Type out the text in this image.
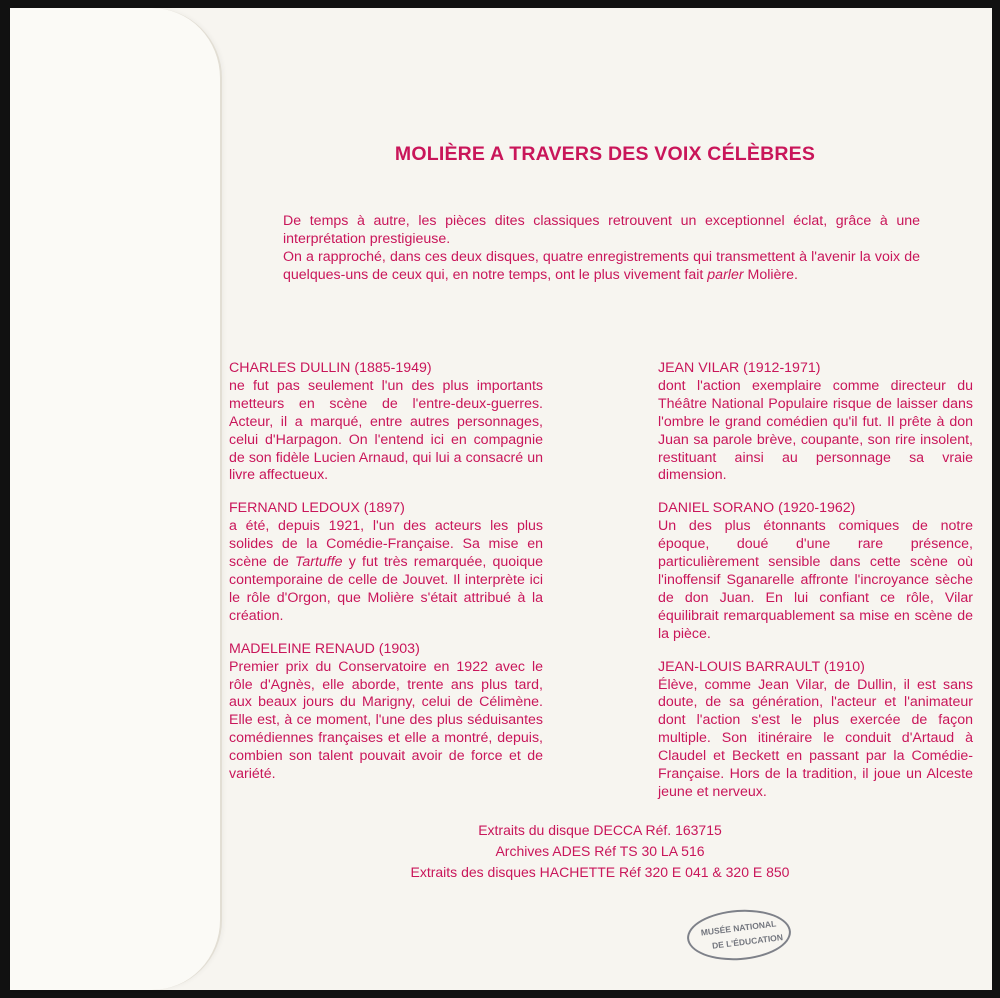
MOLIÈRE A TRAVERS DES VOIX CÉLÈBRES

De temps à autre, les pièces dites classiques retrouvent un exceptionnel éclat, grâce à une interprétation prestigieuse.

On a rapproché, dans ces deux disques, quatre enregistrements qui transmettent à l'avenir la voix de quelques-uns de ceux qui, en notre temps, ont le plus vivement fait parler Molière.

CHARLES DULLIN (1885-1949)
ne fut pas seulement l'un des plus importants metteurs en scène de l'entre-deux-guerres. Acteur, il a marqué, entre autres personnages, celui d'Harpagon. On l'entend ici en compagnie de son fidèle Lucien Arnaud, qui lui a consacré un livre affectueux.
FERNAND LEDOUX (1897)
a été, depuis 1921, l'un des acteurs les plus solides de la Comédie-Française. Sa mise en scène de Tartuffe y fut très remarquée, quoique contemporaine de celle de Jouvet. Il interprète ici le rôle d'Orgon, que Molière s'était attribué à la création.
MADELEINE RENAUD (1903)
Premier prix du Conservatoire en 1922 avec le rôle d'Agnès, elle aborde, trente ans plus tard, aux beaux jours du Marigny, celui de Célimène. Elle est, à ce moment, l'une des plus séduisantes comédiennes françaises et elle a montré, depuis, combien son talent pouvait avoir de force et de variété.
JEAN VILAR (1912-1971)
dont l'action exemplaire comme directeur du Théâtre National Populaire risque de laisser dans l'ombre le grand comédien qu'il fut. Il prête à don Juan sa parole brève, coupante, son rire insolent, restituant ainsi au personnage sa vraie dimension.
DANIEL SORANO (1920-1962)
Un des plus étonnants comiques de notre époque, doué d'une rare présence, particulièrement sensible dans cette scène où l'inoffensif Sganarelle affronte l'incroyance sèche de don Juan. En lui confiant ce rôle, Vilar équilibrait remarquablement sa mise en scène de la pièce.
JEAN-LOUIS BARRAULT (1910)
Élève, comme Jean Vilar, de Dullin, il est sans doute, de sa génération, l'acteur et l'animateur dont l'action s'est le plus exercée de façon multiple. Son itinéraire le conduit d'Artaud à Claudel et Beckett en passant par la Comédie-Française. Hors de la tradition, il joue un Alceste jeune et nerveux.
Extraits du disque DECCA Réf. 163715
Archives ADES Réf TS 30 LA 516
Extraits des disques HACHETTE Réf 320 E 041 & 320 E 850
MUSÉE NATIONAL
DE L'ÉDUCATION
